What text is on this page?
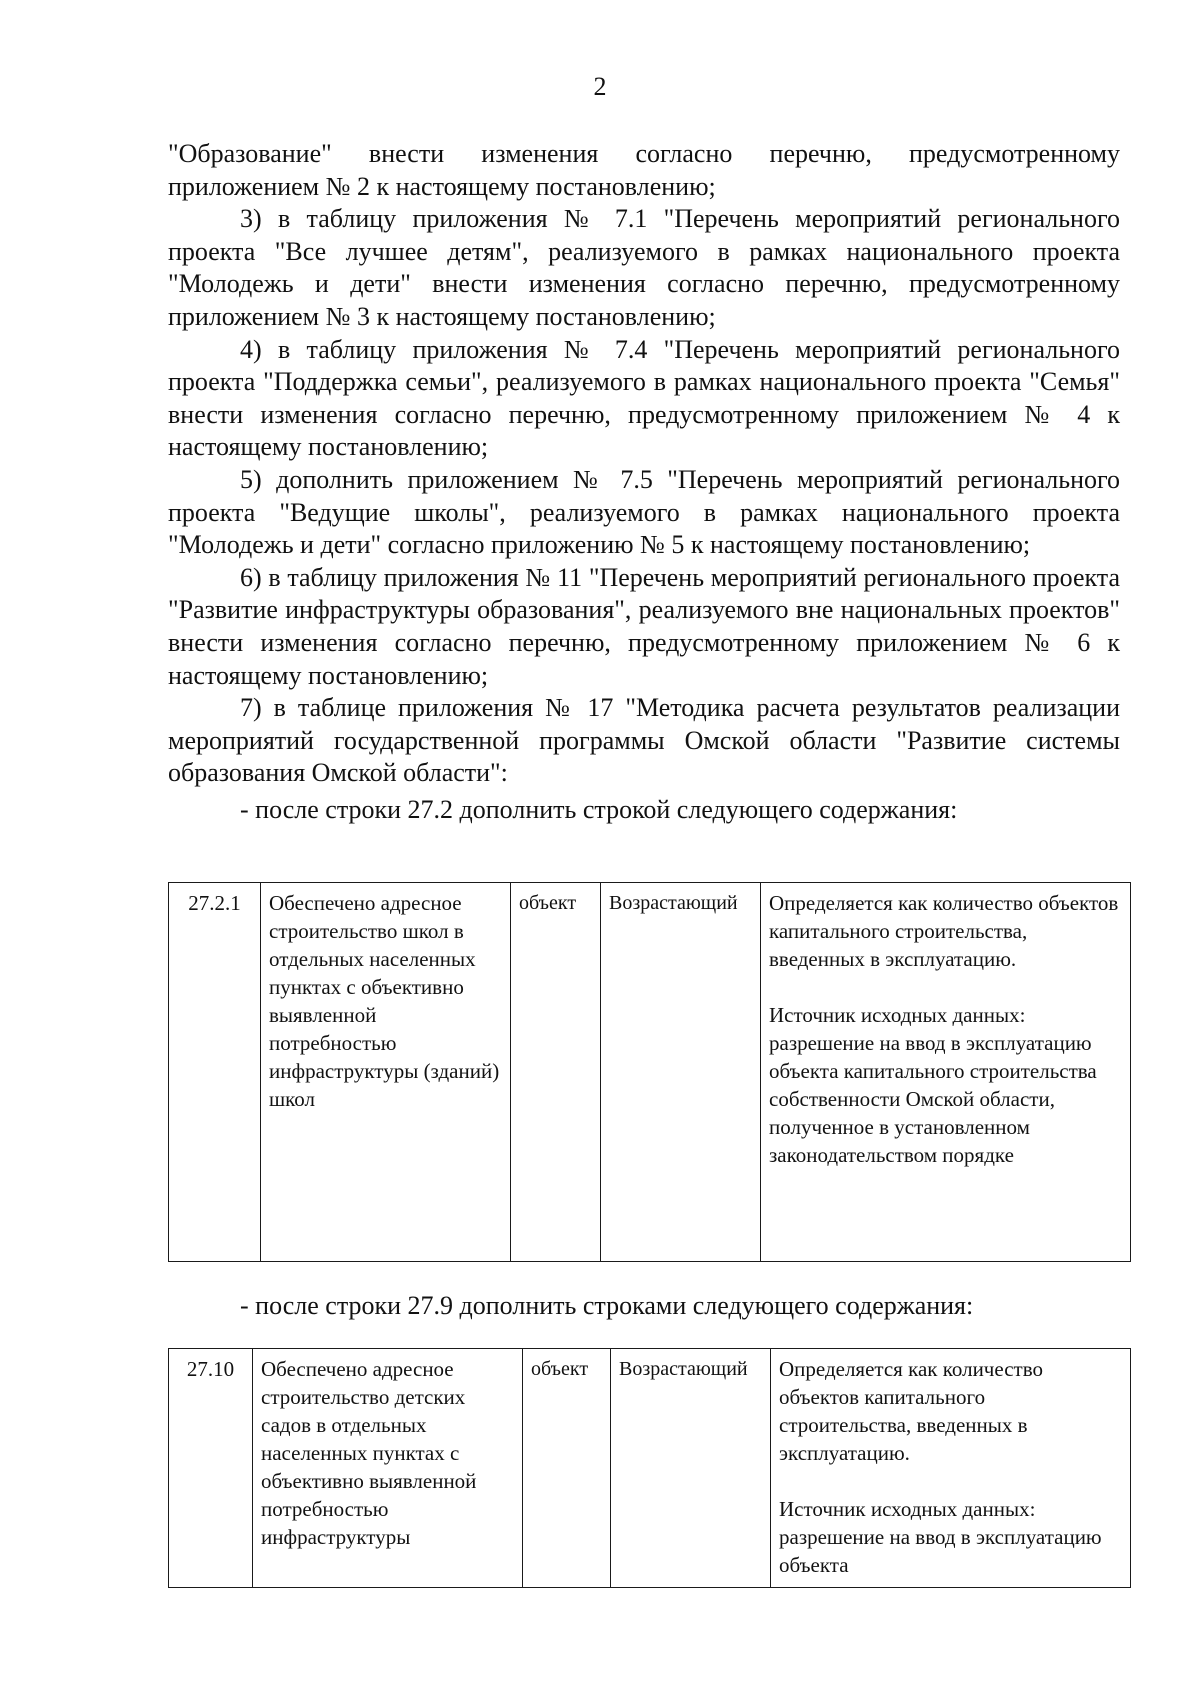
2

"Образование" внести изменения согласно перечню, предусмотренному приложением № 2 к настоящему постановлению;

3) в таблицу приложения № 7.1 "Перечень мероприятий регионального проекта "Все лучшее детям", реализуемого в рамках национального проекта "Молодежь и дети" внести изменения согласно перечню, предусмотренному приложением № 3 к настоящему постановлению;

4) в таблицу приложения № 7.4 "Перечень мероприятий регионального проекта "Поддержка семьи", реализуемого в рамках национального проекта "Семья" внести изменения согласно перечню, предусмотренному приложением № 4 к настоящему постановлению;

5) дополнить приложением № 7.5 "Перечень мероприятий регионального проекта "Ведущие школы", реализуемого в рамках национального проекта "Молодежь и дети" согласно приложению № 5 к настоящему постановлению;

6) в таблицу приложения № 11 "Перечень мероприятий регионального проекта "Развитие инфраструктуры образования", реализуемого вне национальных проектов" внести изменения согласно перечню, предусмотренному приложением № 6 к настоящему постановлению;

7) в таблице приложения № 17 "Методика расчета результатов реализации мероприятий государственной программы Омской области "Развитие системы образования Омской области":

- после строки 27.2 дополнить строкой следующего содержания:

27.2.1	Обеспечено адресное строительство школ в отдельных населенных пунктах с объективно выявленной потребностью инфраструктуры (зданий) школ	объект	Возрастающий	Определяется как количество объектов капитального строительства, введенных в эксплуатацию.
Источник исходных данных: разрешение на ввод в эксплуатацию объекта капитального строительства собственности Омской области, полученное в установленном законодательством порядке

- после строки 27.9 дополнить строками следующего содержания:

27.10	Обеспечено адресное строительство детских садов в отдельных населенных пунктах с объективно выявленной потребностью инфраструктуры	объект	Возрастающий	Определяется как количество объектов капитального строительства, введенных в эксплуатацию.
Источник исходных данных: разрешение на ввод в эксплуатацию объекта
